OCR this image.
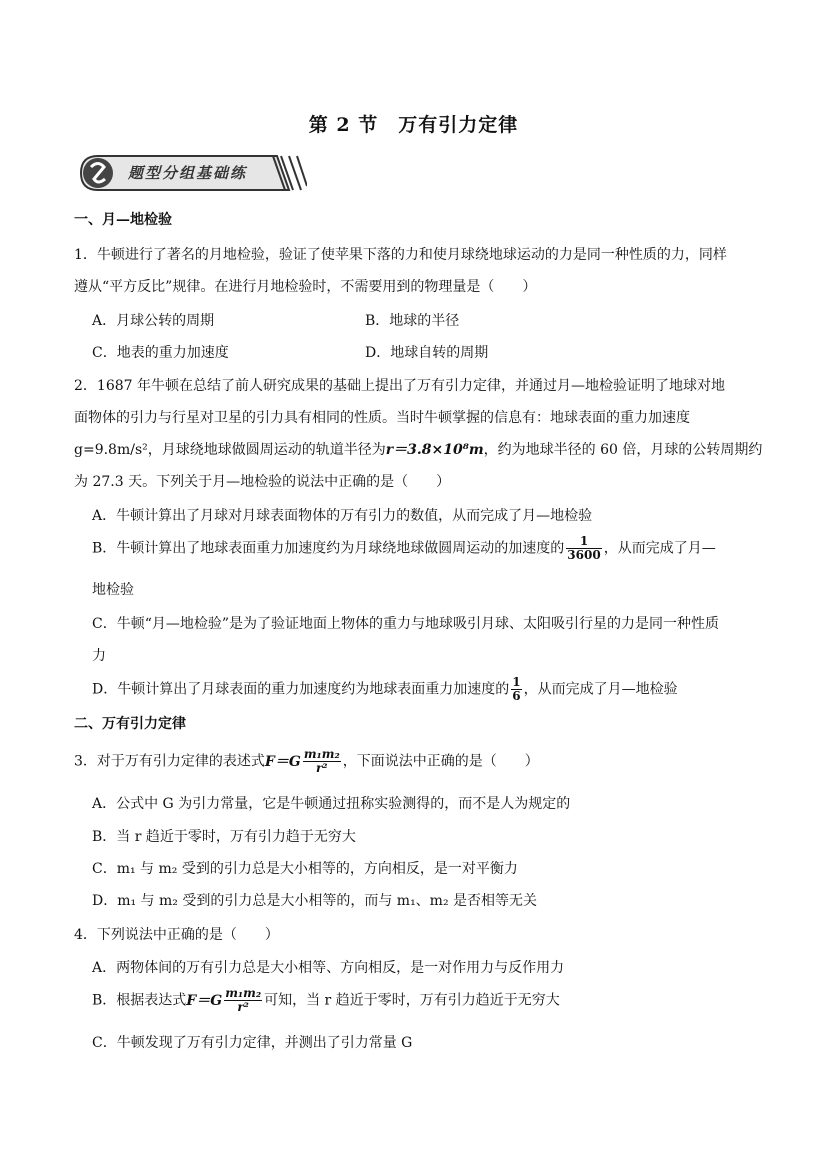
第 2 节　万有引力定律
题型分组基础练
一、月—地检验
1．牛顿进行了著名的月地检验，验证了使苹果下落的力和使月球绕地球运动的力是同一种性质的力，同样
遵从“平方反比”规律。在进行月地检验时，不需要用到的物理量是（　　）
A．月球公转的周期	B．地球的半径
C．地表的重力加速度	D．地球自转的周期
2．1687 年牛顿在总结了前人研究成果的基础上提出了万有引力定律，并通过月—地检验证明了地球对地
面物体的引力与行星对卫星的引力具有相同的性质。当时牛顿掌握的信息有：地球表面的重力加速度
g=9.8m/s²，月球绕地球做圆周运动的轨道半径为r＝3.8×10⁸m，约为地球半径的 60 倍，月球的公转周期约
为 27.3 天。下列关于月—地检验的说法中正确的是（　　）
A．牛顿计算出了月球对月球表面物体的万有引力的数值，从而完成了月—地检验
B．牛顿计算出了地球表面重力加速度约为月球绕地球做圆周运动的加速度的 $\frac{1}{3600}$ ，从而完成了月—
地检验
C．牛顿“月—地检验”是为了验证地面上物体的重力与地球吸引月球、太阳吸引行星的力是同一种性质
力
D．牛顿计算出了月球表面的重力加速度约为地球表面重力加速度的 $\frac{1}{6}$ ，从而完成了月—地检验
二、万有引力定律
3．对于万有引力定律的表述式$F=G \frac{\text{m₁m₂}}{\text{r²}}$ ，下面说法中正确的是（　　）
A．公式中 G 为引力常量，它是牛顿通过扭称实验测得的，而不是人为规定的
B．当 r 趋近于零时，万有引力趋于无穷大
C．m₁ 与 m₂ 受到的引力总是大小相等的，方向相反，是一对平衡力
D．m₁ 与 m₂ 受到的引力总是大小相等的，而与 m₁、m₂ 是否相等无关
4．下列说法中正确的是（　　）
A．两物体间的万有引力总是大小相等、方向相反，是一对作用力与反作用力
B．根据表达式$F=G \frac{\text{m₁m₂}}{\text{r²}}$ 可知，当 r 趋近于零时，万有引力趋近于无穷大
C．牛顿发现了万有引力定律，并测出了引力常量 G
